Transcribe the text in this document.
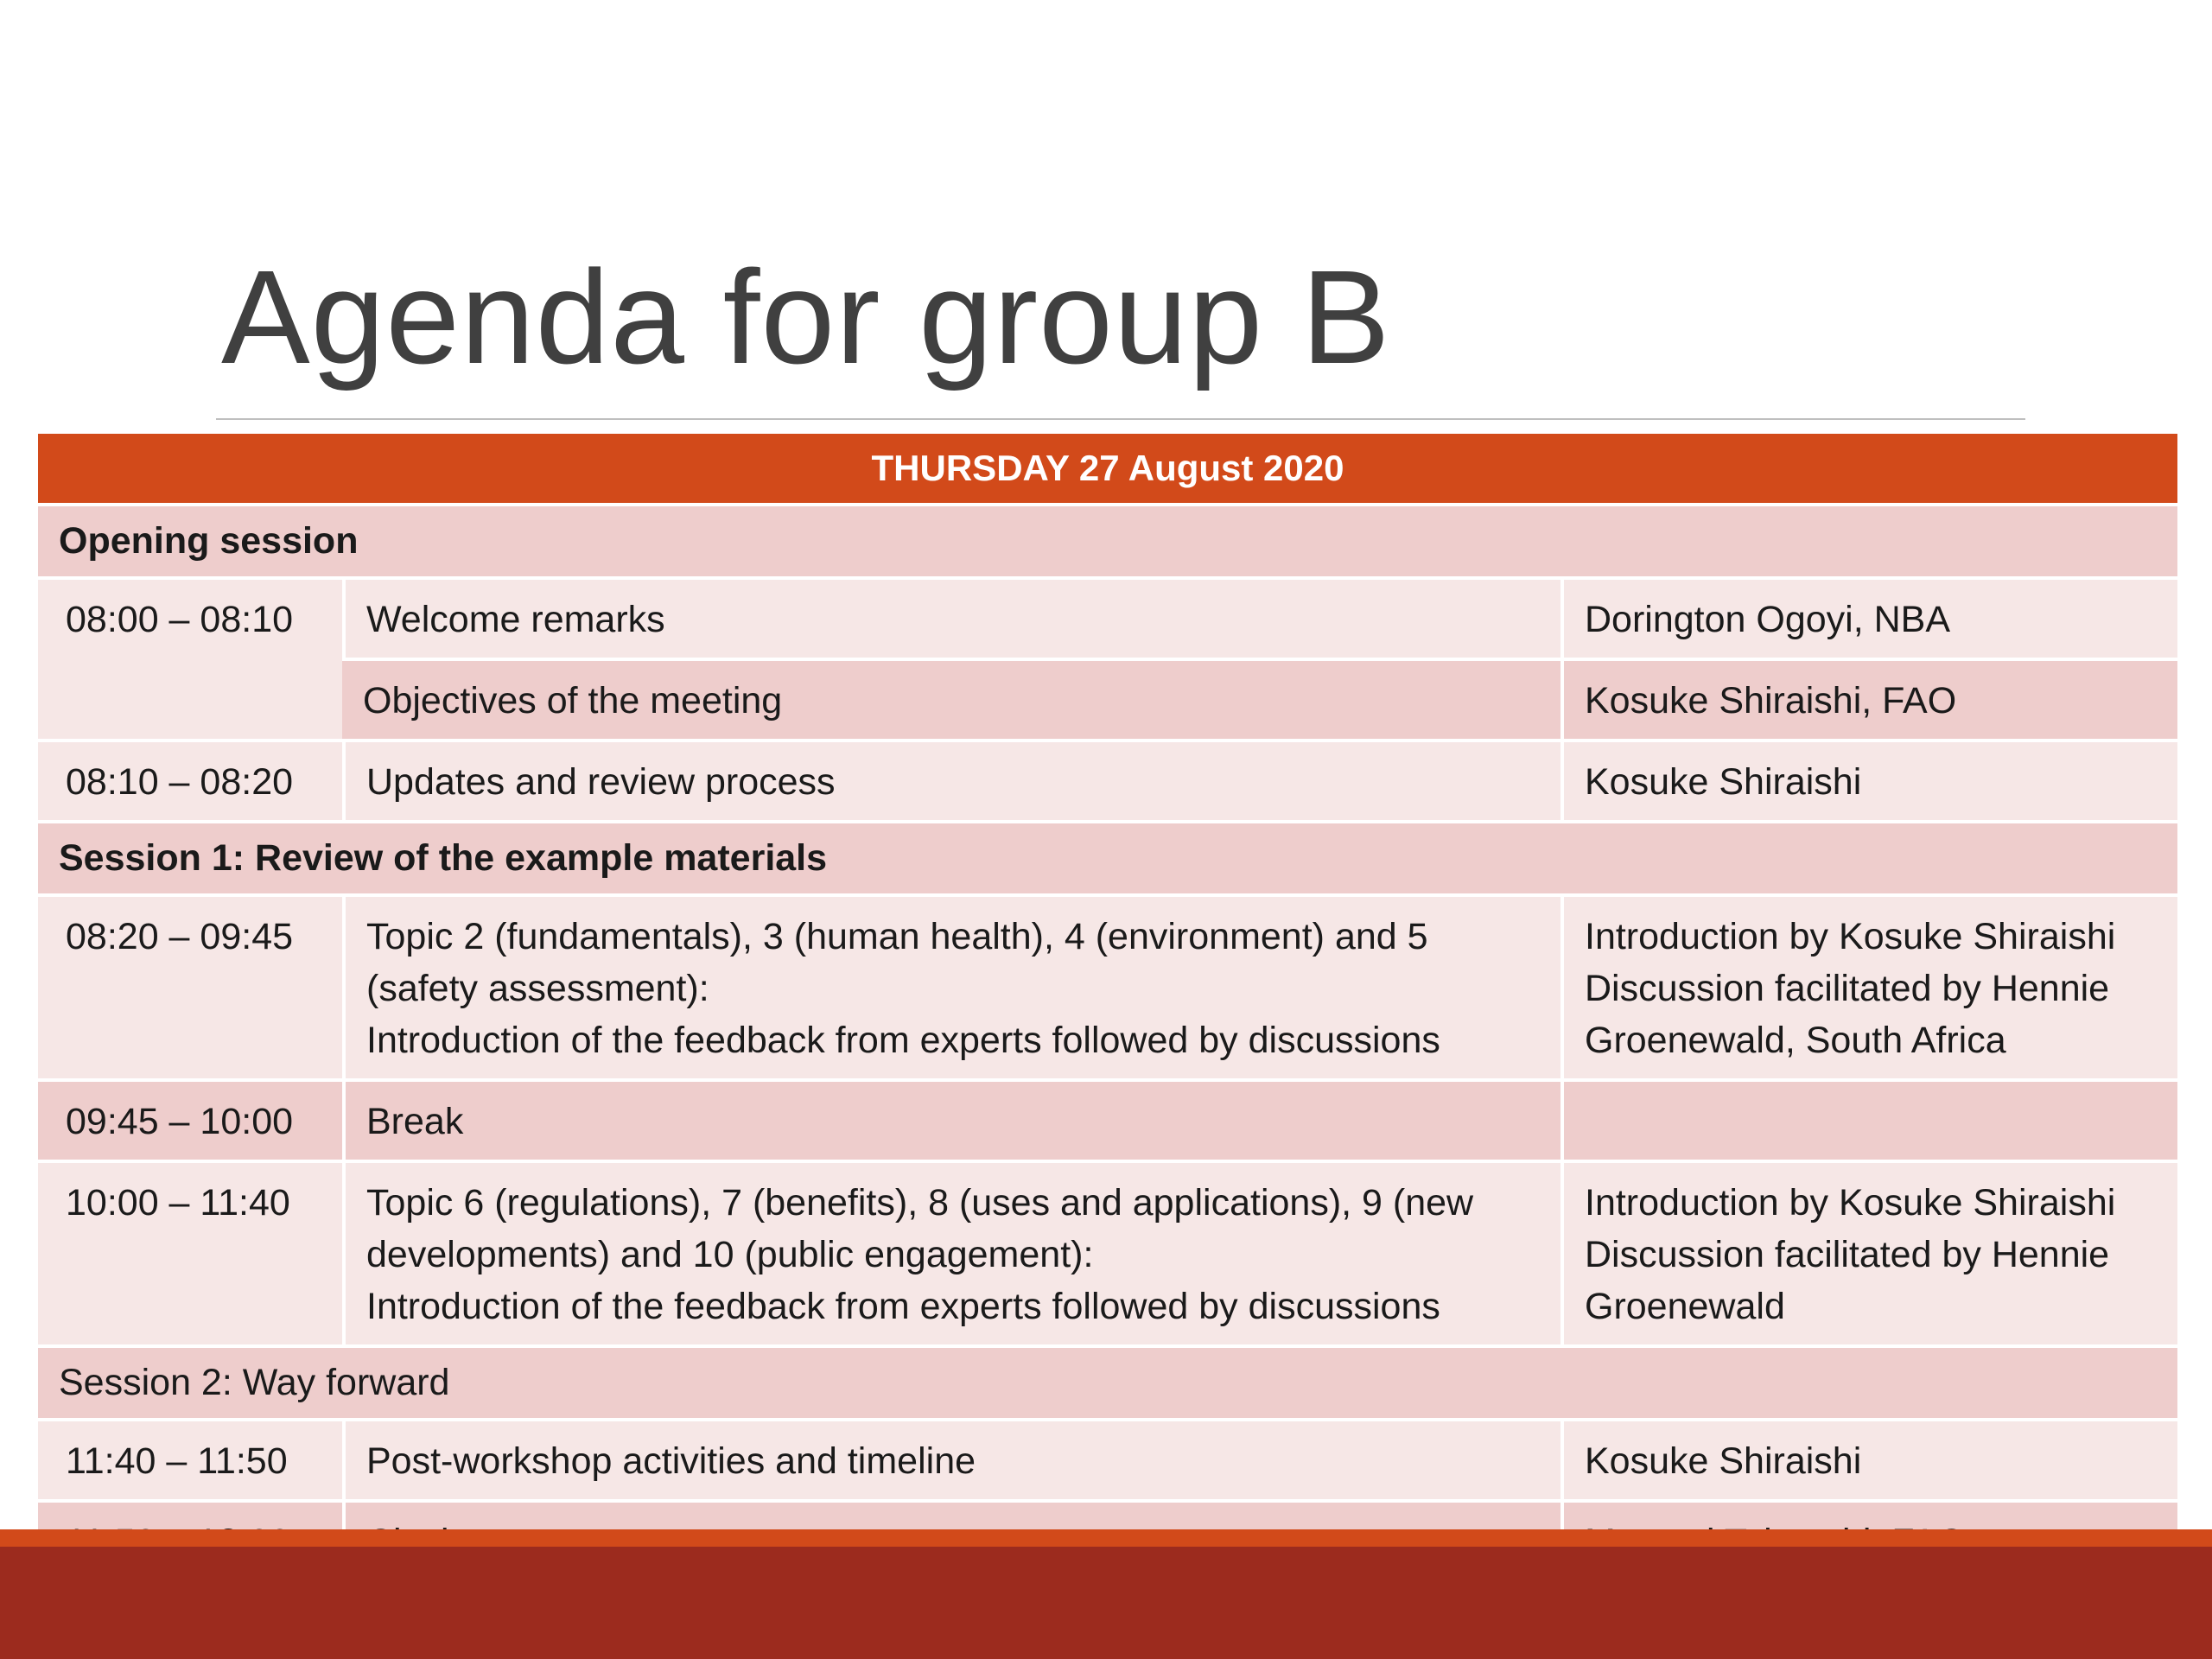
Agenda for group B
THURSDAY 27 August 2020		
Opening session		
08:00 – 08:10	Welcome remarks	Dorington Ogoyi, NBA

	Objectives of the meeting	Kosuke Shiraishi, FAO

08:10 – 08:20	Updates and review process	Kosuke Shiraishi

Session 1: Review of the example materials		
08:20 – 09:45	Topic 2 (fundamentals), 3 (human health), 4 (environment) and 5
(safety assessment):
Introduction of the feedback from experts followed by discussions	Introduction by Kosuke Shiraishi
Discussion facilitated by Hennie
Groenewald, South Africa

09:45 – 10:00	Break	

10:00 – 11:40	Topic 6 (regulations), 7 (benefits), 8 (uses and applications), 9 (new
developments) and 10 (public engagement):
Introduction of the feedback from experts followed by discussions	Introduction by Kosuke Shiraishi
Discussion facilitated by Hennie
Groenewald

Session 2: Way forward		
11:40 – 11:50	Post-workshop activities and timeline	Kosuke Shiraishi
